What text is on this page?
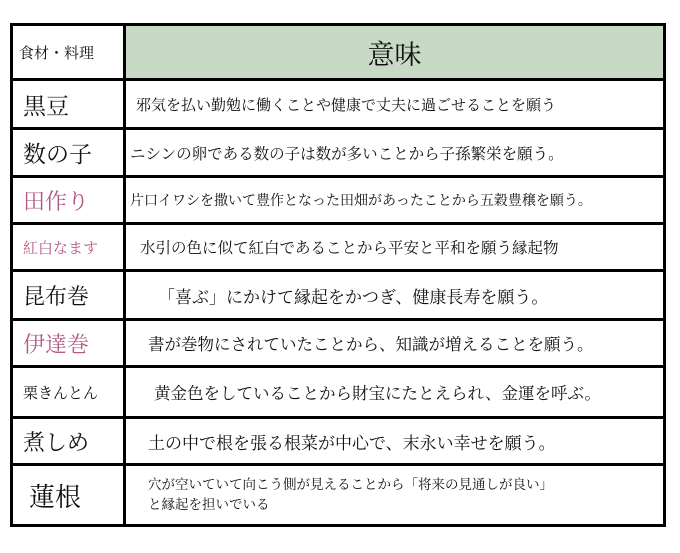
食材・料理	意味
黒豆	邪気を払い勤勉に働くことや健康で丈夫に過ごせることを願う
数の子	ニシンの卵である数の子は数が多いことから子孫繁栄を願う。
田作り	片口イワシを撒いて豊作となった田畑があったことから五穀豊穣を願う。
紅白なます	水引の色に似て紅白であることから平安と平和を願う縁起物
昆布巻	「喜ぶ」にかけて縁起をかつぎ、健康長寿を願う。
伊達巻	書が巻物にされていたことから、知識が増えることを願う。
栗きんとん	黄金色をしていることから財宝にたとえられ、金運を呼ぶ。
煮しめ	土の中で根を張る根菜が中心で、末永い幸せを願う。
蓮根	穴が空いていて向こう側が見えることから「将来の見通しが良い」
と縁起を担いでいる
